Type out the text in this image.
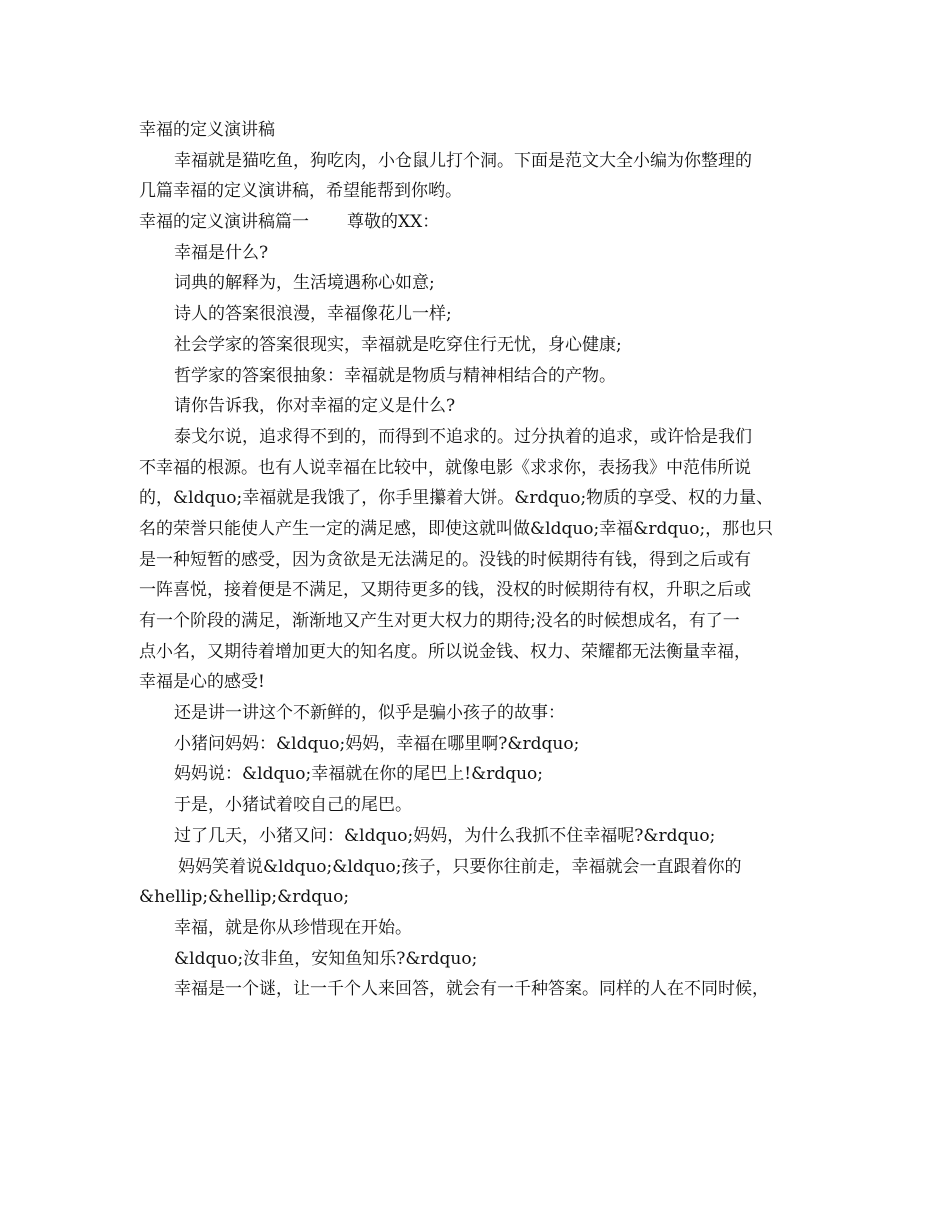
幸福的定义演讲稿
幸福就是猫吃鱼，狗吃肉，小仓鼠儿打个洞。下面是范文大全小编为你整理的
几篇幸福的定义演讲稿，希望能帮到你哟。
幸福的定义演讲稿篇一 尊敬的XX：
幸福是什么?
词典的解释为，生活境遇称心如意;
诗人的答案很浪漫，幸福像花儿一样;
社会学家的答案很现实，幸福就是吃穿住行无忧，身心健康;
哲学家的答案很抽象：幸福就是物质与精神相结合的产物。
请你告诉我，你对幸福的定义是什么?
泰戈尔说，追求得不到的，而得到不追求的。过分执着的追求，或许恰是我们
不幸福的根源。也有人说幸福在比较中，就像电影《求求你，表扬我》中范伟所说
的，&ldquo;幸福就是我饿了，你手里攥着大饼。&rdquo;物质的享受、权的力量、
名的荣誉只能使人产生一定的满足感，即使这就叫做&ldquo;幸福&rdquo;，那也只
是一种短暂的感受，因为贪欲是无法满足的。没钱的时候期待有钱，得到之后或有
一阵喜悦，接着便是不满足，又期待更多的钱，没权的时候期待有权，升职之后或
有一个阶段的满足，渐渐地又产生对更大权力的期待;没名的时候想成名，有了一
点小名，又期待着增加更大的知名度。所以说金钱、权力、荣耀都无法衡量幸福，
幸福是心的感受!
还是讲一讲这个不新鲜的，似乎是骗小孩子的故事：
小猪问妈妈：&ldquo;妈妈，幸福在哪里啊?&rdquo;
妈妈说：&ldquo;幸福就在你的尾巴上!&rdquo;
于是，小猪试着咬自己的尾巴。
过了几天，小猪又问：&ldquo;妈妈，为什么我抓不住幸福呢?&rdquo;
妈妈笑着说&ldquo;&ldquo;孩子，只要你往前走，幸福就会一直跟着你的
&hellip;&hellip;&rdquo;
幸福，就是你从珍惜现在开始。
&ldquo;汝非鱼，安知鱼知乐?&rdquo;
幸福是一个谜，让一千个人来回答，就会有一千种答案。同样的人在不同时候，
